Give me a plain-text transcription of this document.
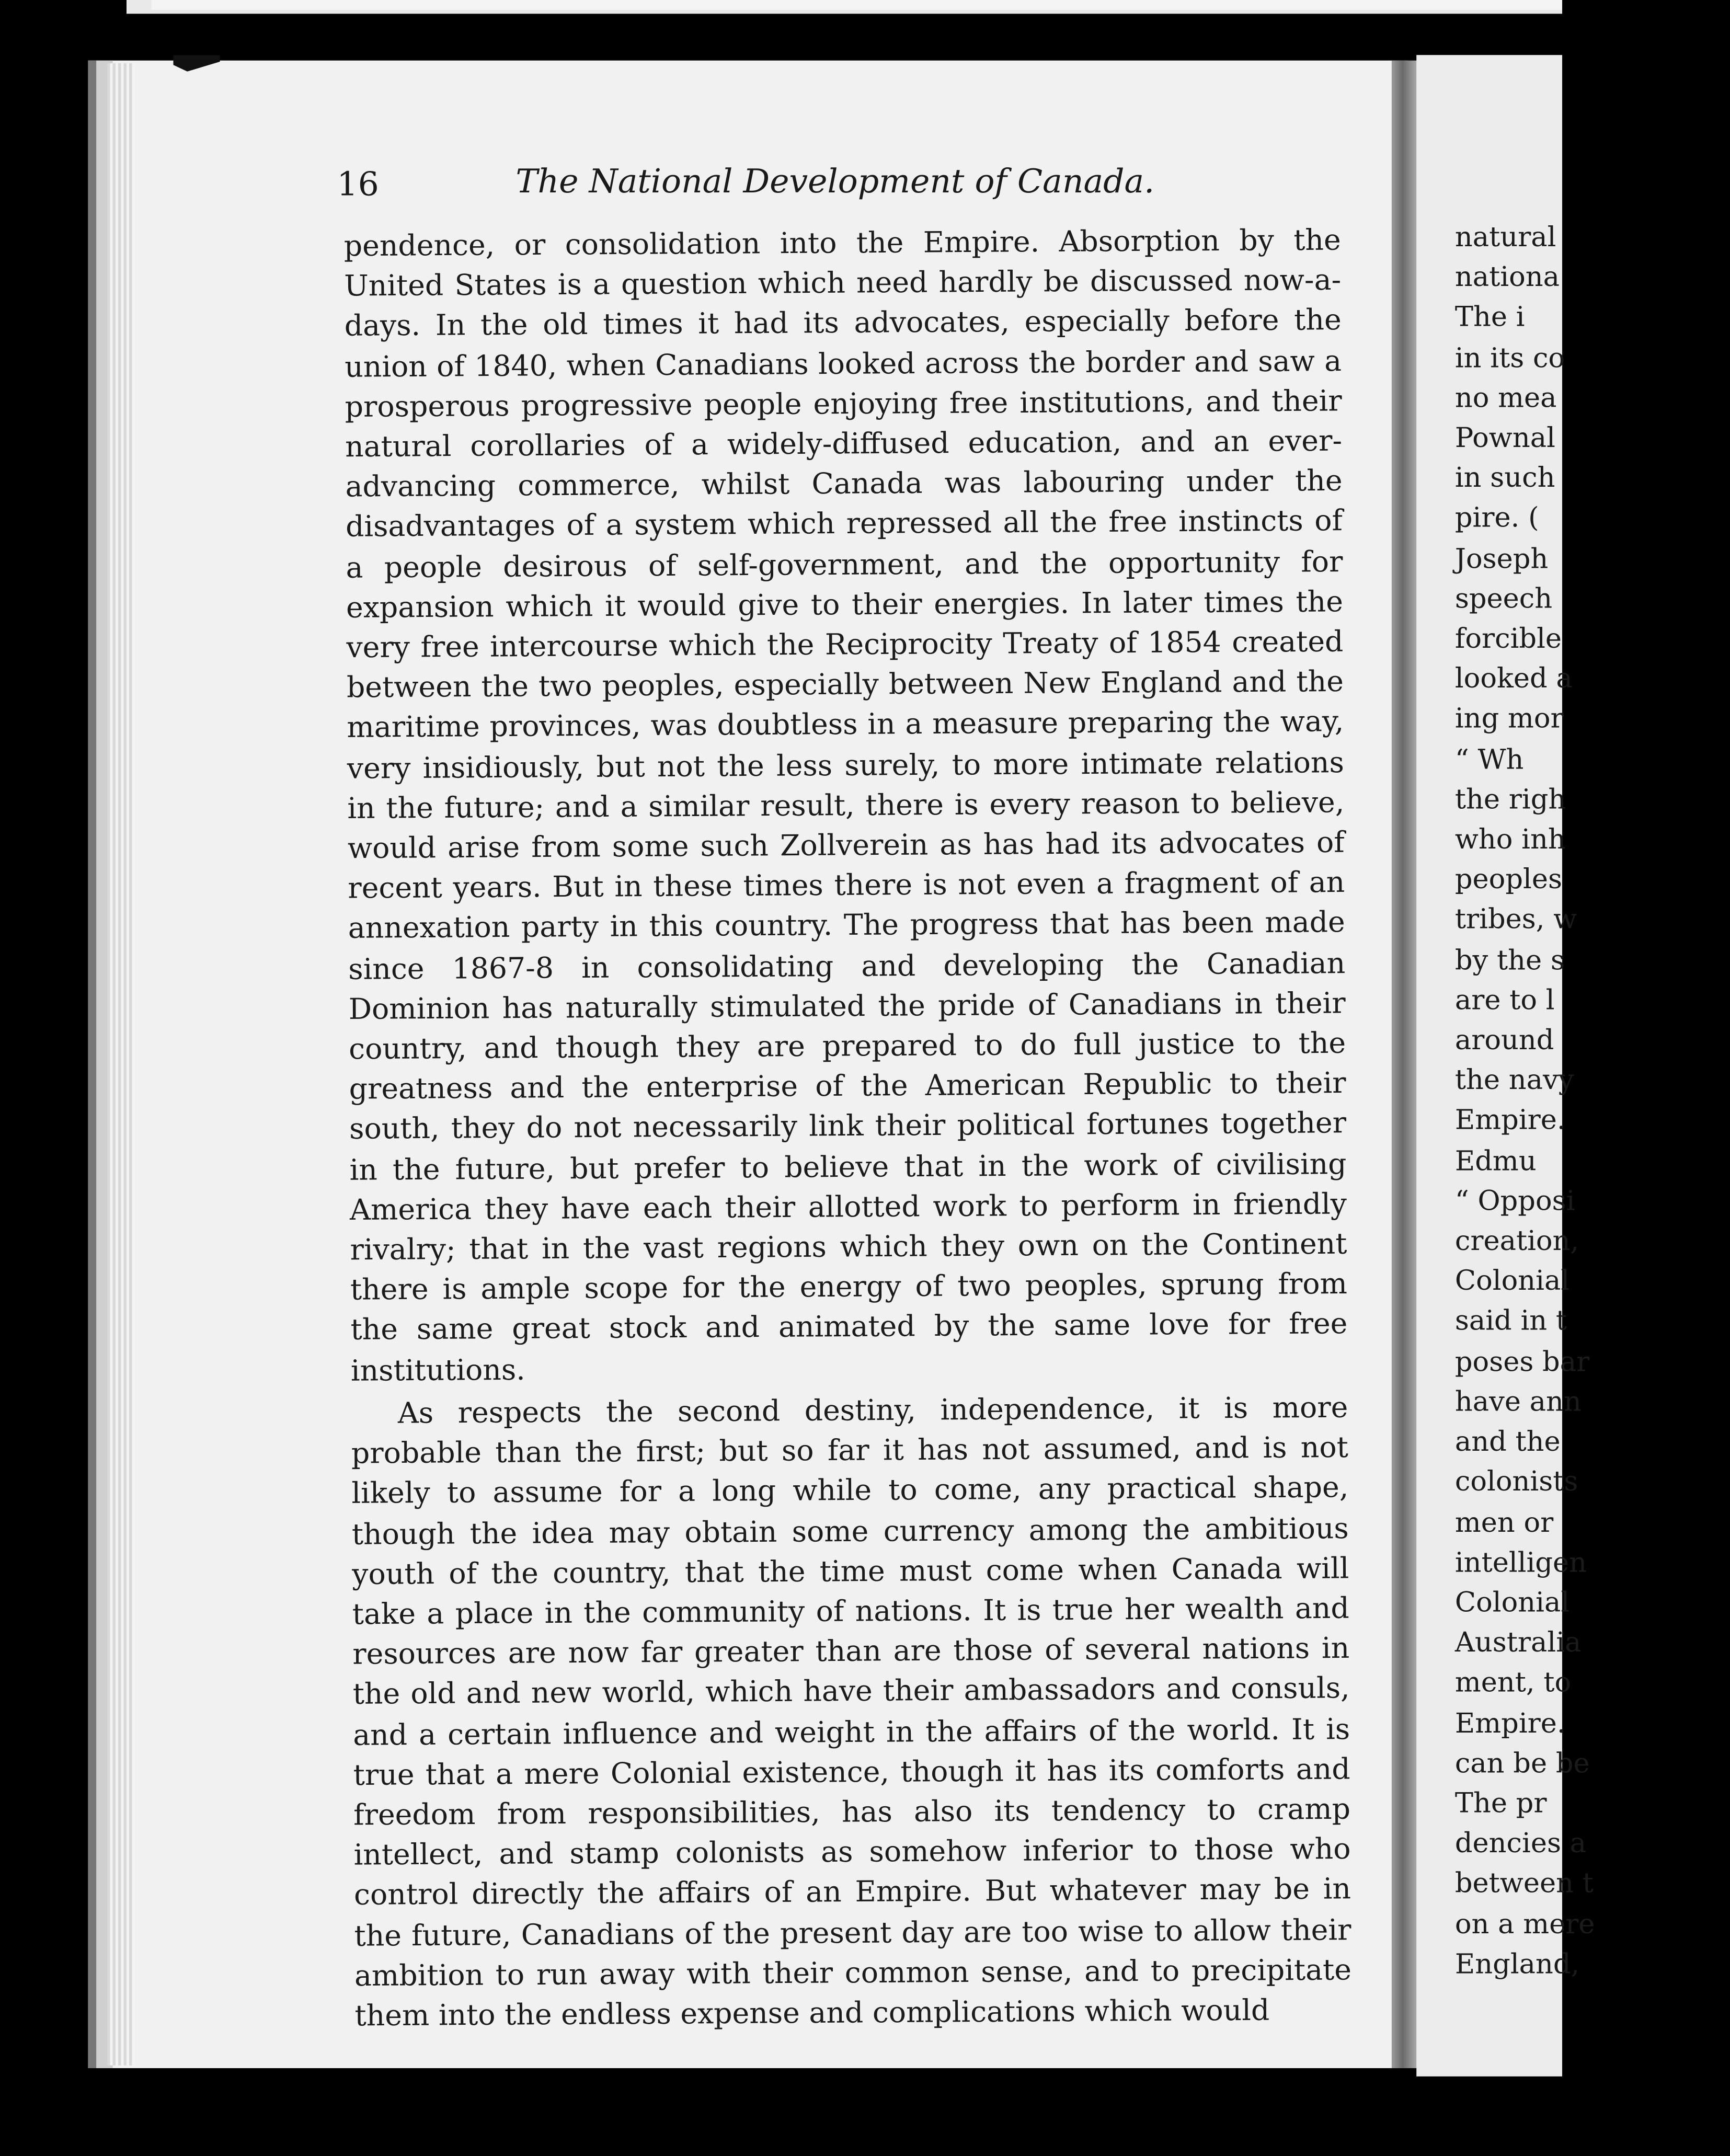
16	The National Development of Canada.

pendence, or consolidation into the Empire. Absorption by the United States is a question which need hardly be discussed now-a-days. In the old times it had its advocates, especially before the union of 1840, when Canadians looked across the border and saw a prosperous progressive people enjoying free institutions, and their natural corollaries of a widely-diffused education, and an ever-advancing commerce, whilst Canada was labouring under the disadvantages of a system which repressed all the free instincts of a people desirous of self-government, and the opportunity for expansion which it would give to their energies. In later times the very free intercourse which the Reciprocity Treaty of 1854 created between the two peoples, especially between New England and the maritime provinces, was doubtless in a measure preparing the way, very insidiously, but not the less surely, to more intimate relations in the future; and a similar result, there is every reason to believe, would arise from some such Zollverein as has had its advocates of recent years. But in these times there is not even a fragment of an annexation party in this country. The progress that has been made since 1867-8 in consolidating and developing the Canadian Dominion has naturally stimulated the pride of Canadians in their country, and though they are prepared to do full justice to the greatness and the enterprise of the American Republic to their south, they do not necessarily link their political fortunes together in the future, but prefer to believe that in the work of civilising America they have each their allotted work to perform in friendly rivalry; that in the vast regions which they own on the Continent there is ample scope for the energy of two peoples, sprung from the same great stock and animated by the same love for free institutions.

As respects the second destiny, independence, it is more probable than the first; but so far it has not assumed, and is not likely to assume for a long while to come, any practical shape, though the idea may obtain some currency among the ambitious youth of the country, that the time must come when Canada will take a place in the community of nations. It is true her wealth and resources are now far greater than are those of several nations in the old and new world, which have their ambassadors and consuls, and a certain influence and weight in the affairs of the world. It is true that a mere Colonial existence, though it has its comforts and freedom from responsibilities, has also its tendency to cramp intellect, and stamp colonists as somehow inferior to those who control directly the affairs of an Empire. But whatever may be in the future, Canadians of the present day are too wise to allow their ambition to run away with their common sense, and to precipitate them into the endless expense and complications which would

natural
nationa
The i
in its co
no mea
Pownal
in such
pire. (
Joseph
speech
forcible
looked a
ing mor
“ Wh
the righ
who inh
peoples
tribes, w
by the s
are to l
around
the navy
Empire.
Edmu
“ Opposi
creation,
Colonial
said in t
poses bar
have ann
and the
colonists
men or
intelligen
Colonial
Australia
ment, to
Empire.
can be be
The pr
dencies a
between t
on a mere
England,
